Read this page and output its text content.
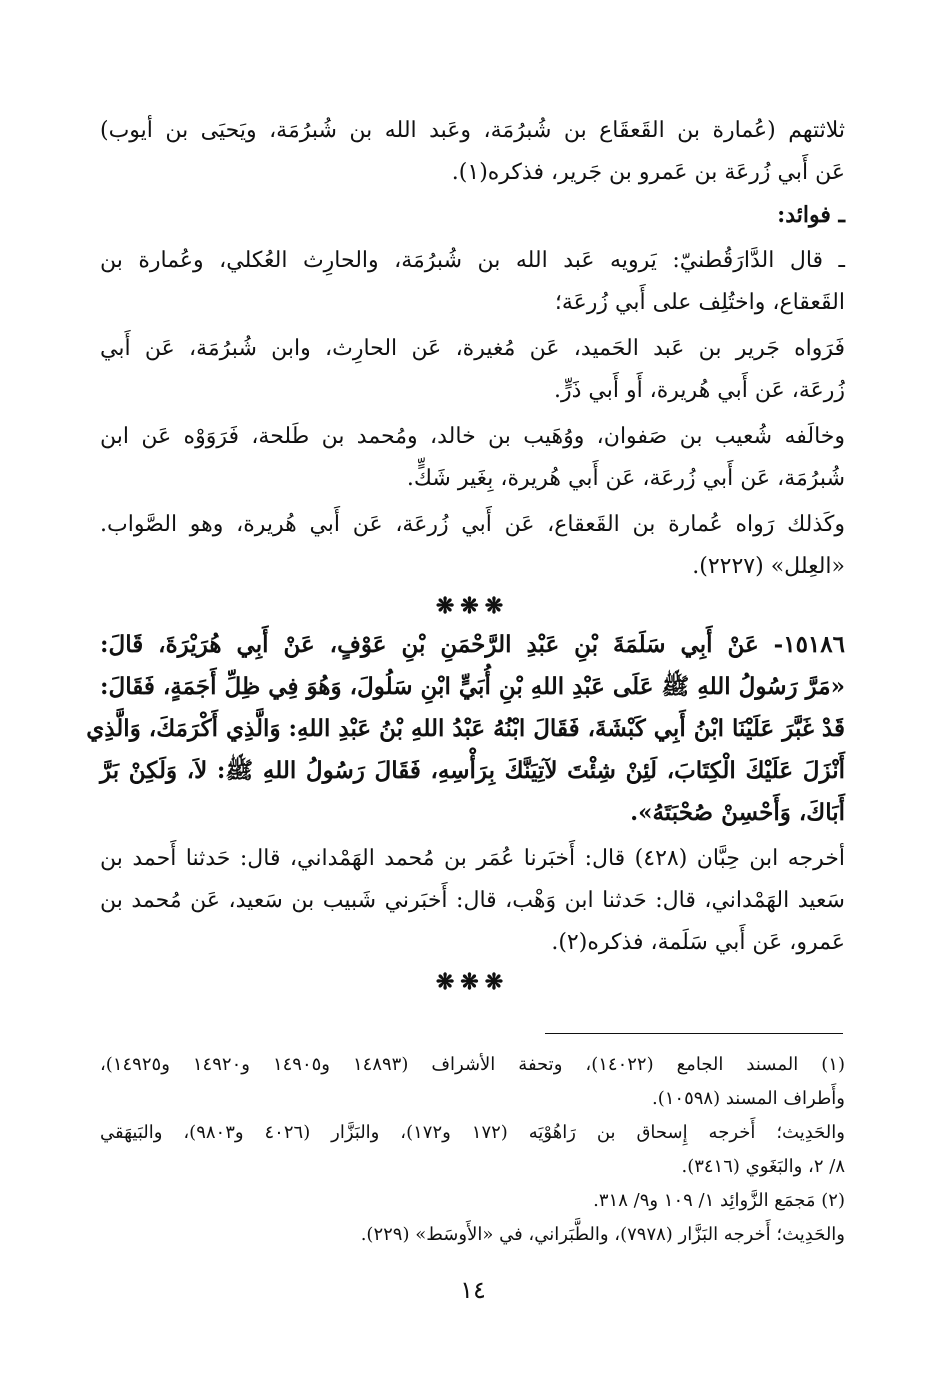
ثلاثتهم (عُمارة بن القَعقَاع بن شُبرُمَة، وعَبد الله بن شُبرُمَة، ويَحيَى بن أيوب)
عَن أَبي زُرعَة بن عَمرو بن جَرير، فذكره(١).
ـ فوائد:
ـ قال الدَّارَقُطنيّ: يَرويه عَبد الله بن شُبرُمَة، والحارِث العُكلي، وعُمارة بن
القَعقاع، واختُلِف على أَبي زُرعَة؛
فَرَواه جَرير بن عَبد الحَميد، عَن مُغيرة، عَن الحارِث، وابن شُبرُمَة، عَن أَبي
زُرعَة، عَن أَبي هُريرة، أَو أَبي ذَرٍّ.
وخالَفه شُعيب بن صَفوان، ووُهَيب بن خالد، ومُحمد بن طَلحة، فَرَوَوْه عَن ابن
شُبرُمَة، عَن أَبي زُرعَة، عَن أَبي هُريرة، بِغَير شَكٍّ.
وكَذلك رَواه عُمارة بن القَعقاع، عَن أَبي زُرعَة، عَن أَبي هُريرة، وهو الصَّواب.
«العِلل» (٢٢٢٧).
❋❋❋
١٥١٨٦- عَنْ أَبِي سَلَمَةَ بْنِ عَبْدِ الرَّحْمَنِ بْنِ عَوْفٍ، عَنْ أَبِي هُرَيْرَةَ، قَالَ:
«مَرَّ رَسُولُ اللهِ ﷺ عَلَى عَبْدِ اللهِ بْنِ أُبَيٍّ ابْنِ سَلُولَ، وَهُوَ فِي ظِلِّ أَجَمَةٍ، فَقَالَ:
قَدْ غَبَّرَ عَلَيْنَا ابْنُ أَبِي كَبْشَةَ، فَقَالَ ابْنُهُ عَبْدُ اللهِ بْنُ عَبْدِ اللهِ: وَالَّذِي أَكْرَمَكَ، وَالَّذِي
أَنْزَلَ عَلَيْكَ الْكِتَابَ، لَئِنْ شِئْتَ لآتِيَنَّكَ بِرَأْسِهِ، فَقَالَ رَسُولُ اللهِ ﷺ: لاَ، وَلَكِنْ بَرَّ
أَبَاكَ، وَأَحْسِنْ صُحْبَتَهُ».
أخرجه ابن حِبَّان (٤٢٨) قال: أَخبَرنا عُمَر بن مُحمد الهَمْداني، قال: حَدثنا أَحمد بن
سَعيد الهَمْداني، قال: حَدثنا ابن وَهْب، قال: أَخبَرني شَبيب بن سَعيد، عَن مُحمد بن
عَمرو، عَن أَبي سَلَمة، فذكره(٢).
❋❋❋
(١) المسند الجامع (١٤٠٢٢)، وتحفة الأشراف (١٤٨٩٣ و١٤٩٠٥ و١٤٩٢٠ و١٤٩٢٥)،
وأَطراف المسند (١٠٥٩٨).
والحَدِيث؛ أَخرجه إِسحاق بن رَاهُوْيَه (١٧٢ و١٧٢)، والبَزَّار (٤٠٢٦ و٩٨٠٣)، والبَيهَقي
٨/ ٢، والبَغَوي (٣٤١٦).
(٢) مَجمَع الزَّوائِد ١/ ١٠٩ و٩/ ٣١٨.
والحَدِيث؛ أَخرجه البَزَّار (٧٩٧٨)، والطَّبَراني، في «الأَوسَط» (٢٢٩).
١٤
